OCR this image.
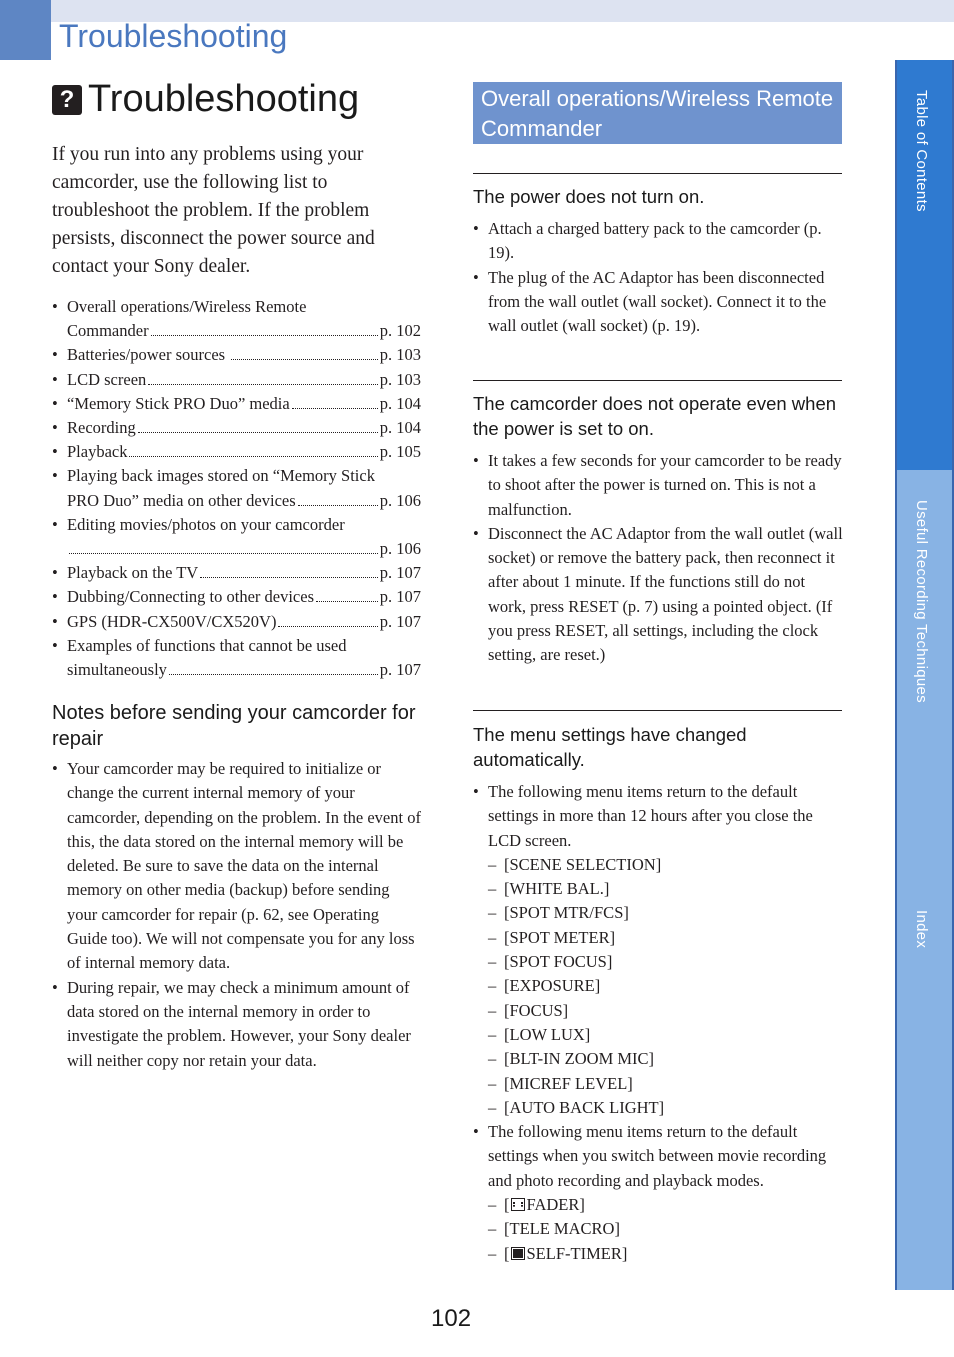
Troubleshooting
? Troubleshooting
If you run into any problems using your camcorder, use the following list to troubleshoot the problem. If the problem persists, disconnect the power source and contact your Sony dealer.
• Overall operations/Wireless Remote
Commander	p. 102
• Batteries/power sources	p. 103
• LCD screen	p. 103
• “Memory Stick PRO Duo” media	p. 104
• Recording	p. 104
• Playback	p. 105
• Playing back images stored on “Memory Stick
PRO Duo” media on other devices	p. 106
• Editing movies/photos on your camcorder
p. 106
• Playback on the TV	p. 107
• Dubbing/Connecting to other devices	p. 107
• GPS (HDR-CX500V/CX520V)	p. 107
• Examples of functions that cannot be used
simultaneously	p. 107
Notes before sending your camcorder for repair
• Your camcorder may be required to initialize or change the current internal memory of your camcorder, depending on the problem. In the event of this, the data stored on the internal memory will be deleted. Be sure to save the data on the internal memory on other media (backup) before sending your camcorder for repair (p. 62, see Operating Guide too). We will not compensate you for any loss of internal memory data.
• During repair, we may check a minimum amount of data stored on the internal memory in order to investigate the problem. However, your Sony dealer will neither copy nor retain your data.
Overall operations/Wireless Remote Commander
The power does not turn on.
• Attach a charged battery pack to the camcorder (p. 19).
• The plug of the AC Adaptor has been disconnected from the wall outlet (wall socket). Connect it to the wall outlet (wall socket) (p. 19).
The camcorder does not operate even when the power is set to on.
• It takes a few seconds for your camcorder to be ready to shoot after the power is turned on. This is not a malfunction.
• Disconnect the AC Adaptor from the wall outlet (wall socket) or remove the battery pack, then reconnect it after about 1 minute. If the functions still do not work, press RESET (p. 7) using a pointed object. (If you press RESET, all settings, including the clock setting, are reset.)
The menu settings have changed automatically.
• The following menu items return to the default settings in more than 12 hours after you close the LCD screen.
– [SCENE SELECTION]
– [WHITE BAL.]
– [SPOT MTR/FCS]
– [SPOT METER]
– [SPOT FOCUS]
– [EXPOSURE]
– [FOCUS]
– [LOW LUX]
– [BLT-IN ZOOM MIC]
– [MICREF LEVEL]
– [AUTO BACK LIGHT]
• The following menu items return to the default settings when you switch between movie recording and photo recording and playback modes.
– [ FADER]
– [TELE MACRO]
– [ SELF-TIMER]
Table of Contents
Useful Recording Techniques
Index
102
